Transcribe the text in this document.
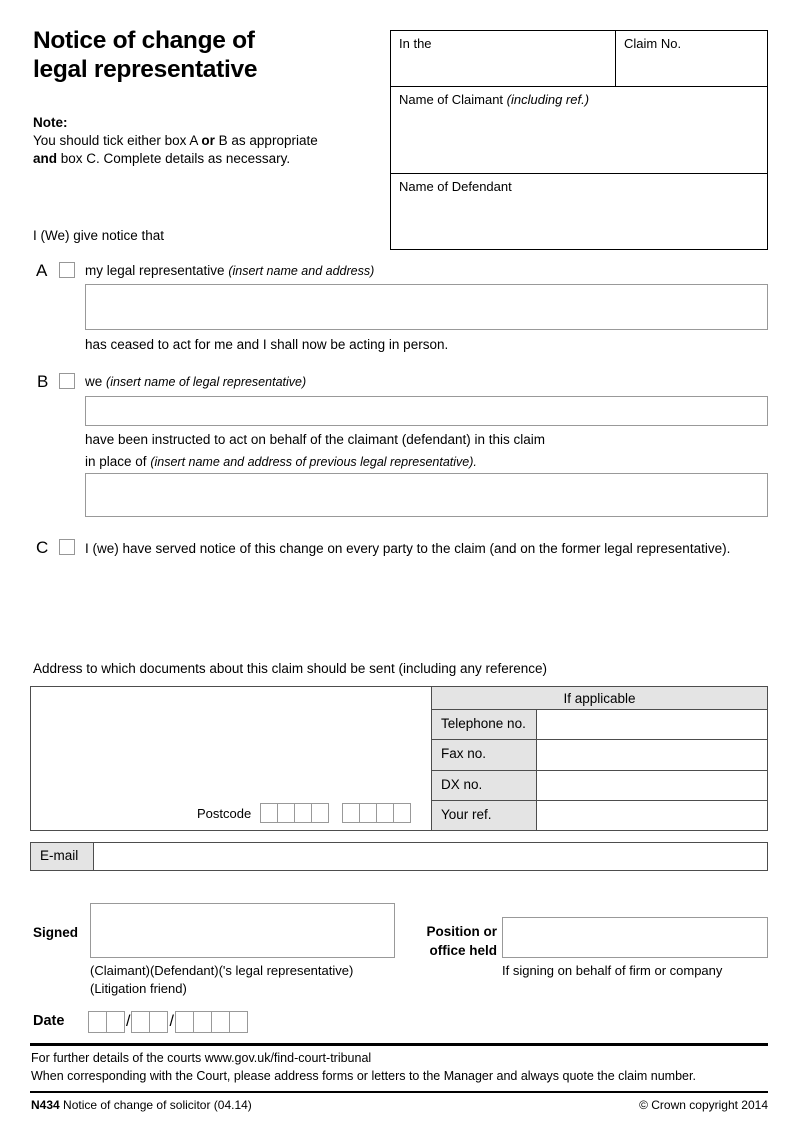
Notice of change of
legal representative
In the	Claim No.
Name of Claimant (including ref.)
Name of Defendant
Note:
You should tick either box A or B as appropriate
and box C. Complete details as necessary.
I (We) give notice that
A	my legal representative (insert name and address)
has ceased to act for me and I shall now be acting in person.
B	we (insert name of legal representative)
have been instructed to act on behalf of the claimant (defendant) in this claim
in place of (insert name and address of previous legal representative).
C	I (we) have served notice of this change on every party to the claim (and on the former legal representative).
Address to which documents about this claim should be sent (including any reference)
Postcode
If applicable
Telephone no.
Fax no.
DX no.
Your ref.
E-mail
Signed
(Claimant)(Defendant)('s legal representative)
(Litigation friend)
Position or
office held
If signing on behalf of firm or company
Date	/ /
For further details of the courts www.gov.uk/find-court-tribunal
When corresponding with the Court, please address forms or letters to the Manager and always quote the claim number.
N434 Notice of change of solicitor (04.14)	© Crown copyright 2014
